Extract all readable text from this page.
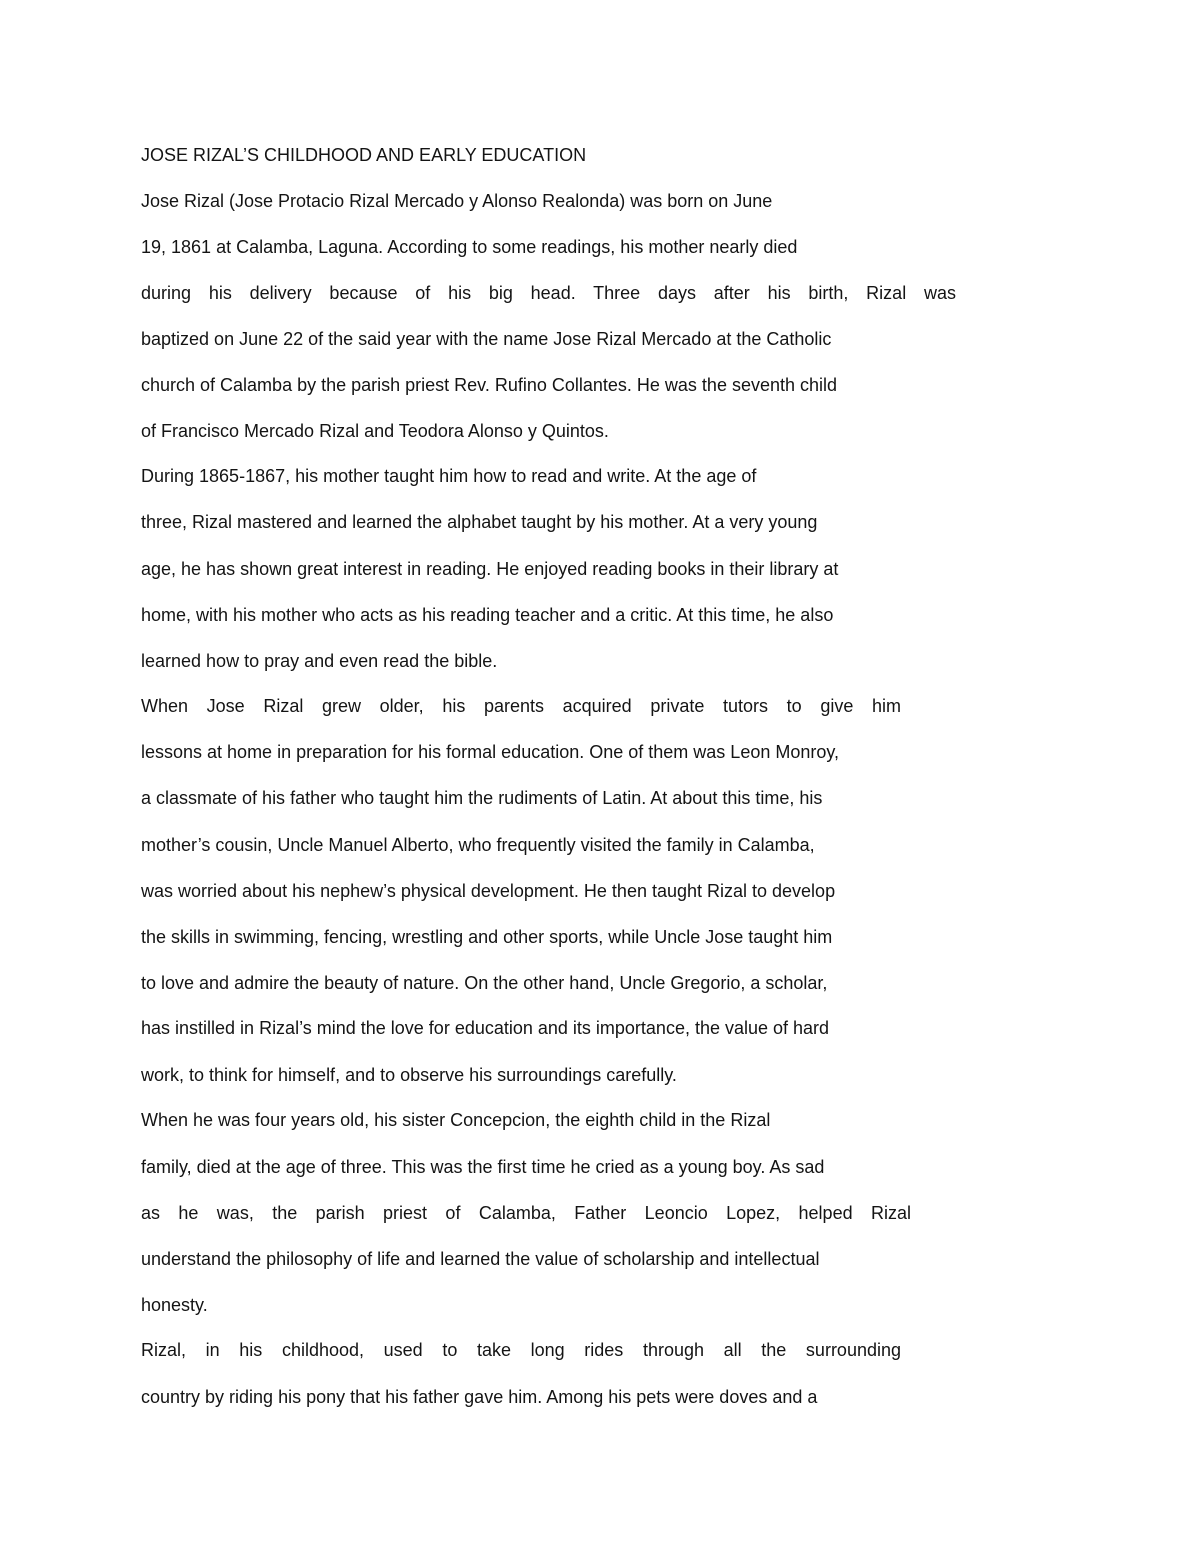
JOSE RIZAL’S CHILDHOOD AND EARLY EDUCATION

Jose Rizal (Jose Protacio Rizal Mercado y Alonso Realonda) was born on June

19, 1861 at Calamba, Laguna. According to some readings, his mother nearly died

during his delivery because of his big head. Three days after his birth, Rizal was

baptized on June 22 of the said year with the name Jose Rizal Mercado at the Catholic

church of Calamba by the parish priest Rev. Rufino Collantes. He was the seventh child

of Francisco Mercado Rizal and Teodora Alonso y Quintos.

During 1865-1867, his mother taught him how to read and write. At the age of

three, Rizal mastered and learned the alphabet taught by his mother. At a very young

age, he has shown great interest in reading. He enjoyed reading books in their library at

home, with his mother who acts as his reading teacher and a critic. At this time, he also

learned how to pray and even read the bible.

When Jose Rizal grew older, his parents acquired private tutors to give him

lessons at home in preparation for his formal education. One of them was Leon Monroy,

a classmate of his father who taught him the rudiments of Latin. At about this time, his

mother’s cousin, Uncle Manuel Alberto, who frequently visited the family in Calamba,

was worried about his nephew’s physical development. He then taught Rizal to develop

the skills in swimming, fencing, wrestling and other sports, while Uncle Jose taught him

to love and admire the beauty of nature. On the other hand, Uncle Gregorio, a scholar,

has instilled in Rizal’s mind the love for education and its importance, the value of hard

work, to think for himself, and to observe his surroundings carefully.

When he was four years old, his sister Concepcion, the eighth child in the Rizal

family, died at the age of three. This was the first time he cried as a young boy. As sad

as he was, the parish priest of Calamba, Father Leoncio Lopez, helped Rizal

understand the philosophy of life and learned the value of scholarship and intellectual

honesty.

Rizal, in his childhood, used to take long rides through all the surrounding

country by riding his pony that his father gave him. Among his pets were doves and a
